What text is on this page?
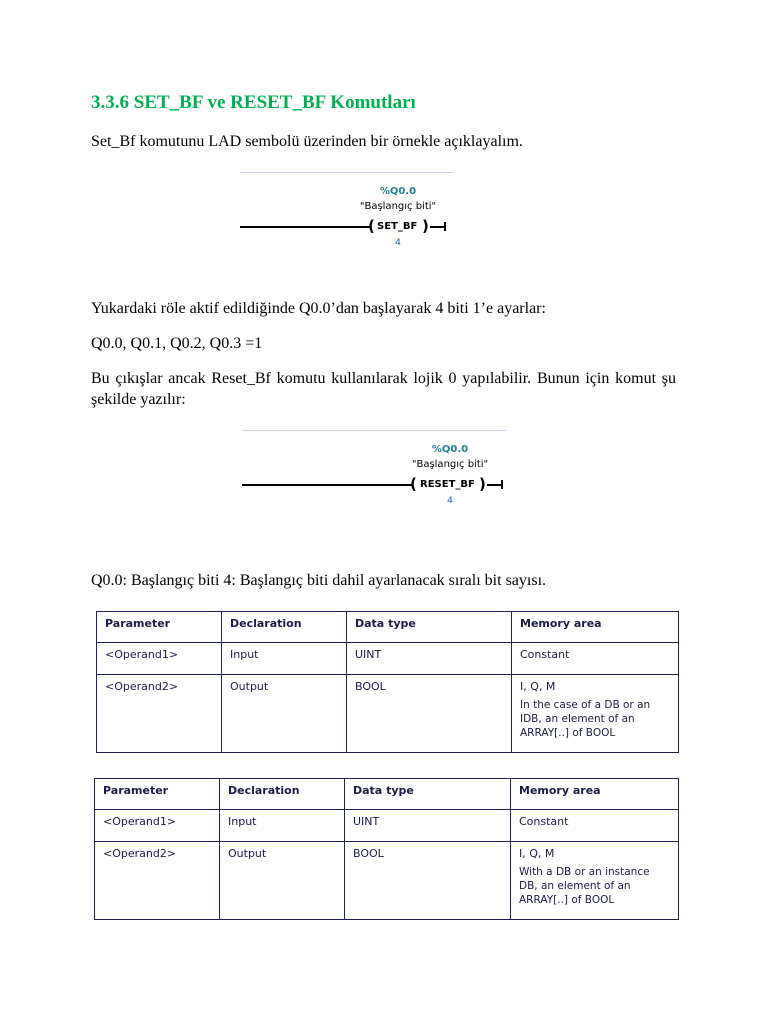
3.3.6 SET_BF ve RESET_BF Komutları

Set_Bf komutunu LAD sembolü üzerinden bir örnekle açıklayalım.

%Q0.0
"Başlangıç biti"
( SET_BF )
4

Yukardaki röle aktif edildiğinde Q0.0’dan başlayarak 4 biti 1’e ayarlar:

Q0.0, Q0.1, Q0.2, Q0.3 =1

Bu çıkışlar ancak Reset_Bf komutu kullanılarak lojik 0 yapılabilir. Bunun için komut şu şekilde yazılır:

%Q0.0
"Başlangıç biti"
( RESET_BF )
4

Q0.0: Başlangıç biti 4: Başlangıç biti dahil ayarlanacak sıralı bit sayısı.

Parameter	Declaration	Data type	Memory area
<Operand1>	Input	UINT	Constant
<Operand2>	Output	BOOL	I, Q, M
In the case of a DB or an IDB, an element of an ARRAY[..] of BOOL
Parameter	Declaration	Data type	Memory area
<Operand1>	Input	UINT	Constant
<Operand2>	Output	BOOL	I, Q, M
With a DB or an instance DB, an element of an ARRAY[..] of BOOL
